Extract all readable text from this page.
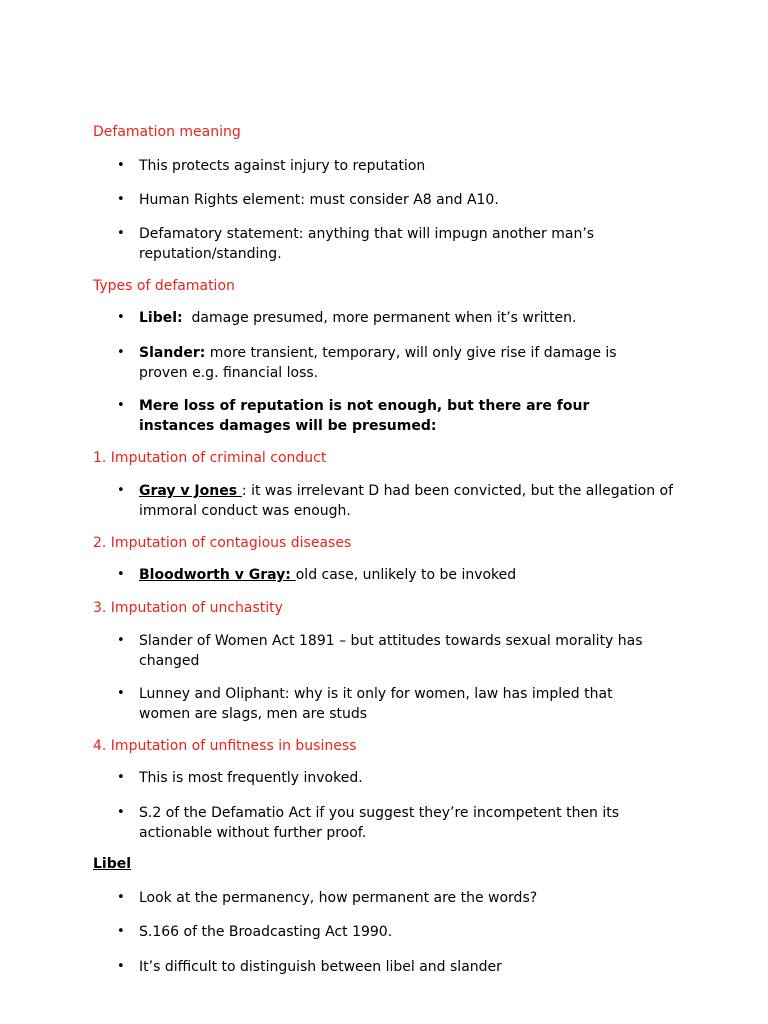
Defamation meaning
• This protects against injury to reputation
• Human Rights element: must consider A8 and A10.
• Defamatory statement: anything that will impugn another man’s reputation/standing.
Types of defamation
• Libel:  damage presumed, more permanent when it’s written.
• Slander: more transient, temporary, will only give rise if damage is proven e.g. financial loss.
• Mere loss of reputation is not enough, but there are four instances damages will be presumed:
1. Imputation of criminal conduct
• Gray v Jones : it was irrelevant D had been convicted, but the allegation of immoral conduct was enough.
2. Imputation of contagious diseases
• Bloodworth v Gray: old case, unlikely to be invoked
3. Imputation of unchastity
• Slander of Women Act 1891 – but attitudes towards sexual morality has changed
• Lunney and Oliphant: why is it only for women, law has impled that women are slags, men are studs
4. Imputation of unfitness in business
• This is most frequently invoked.
• S.2 of the Defamatio Act if you suggest they’re incompetent then its actionable without further proof.
Libel
• Look at the permanency, how permanent are the words?
• S.166 of the Broadcasting Act 1990.
• It’s difficult to distinguish between libel and slander
